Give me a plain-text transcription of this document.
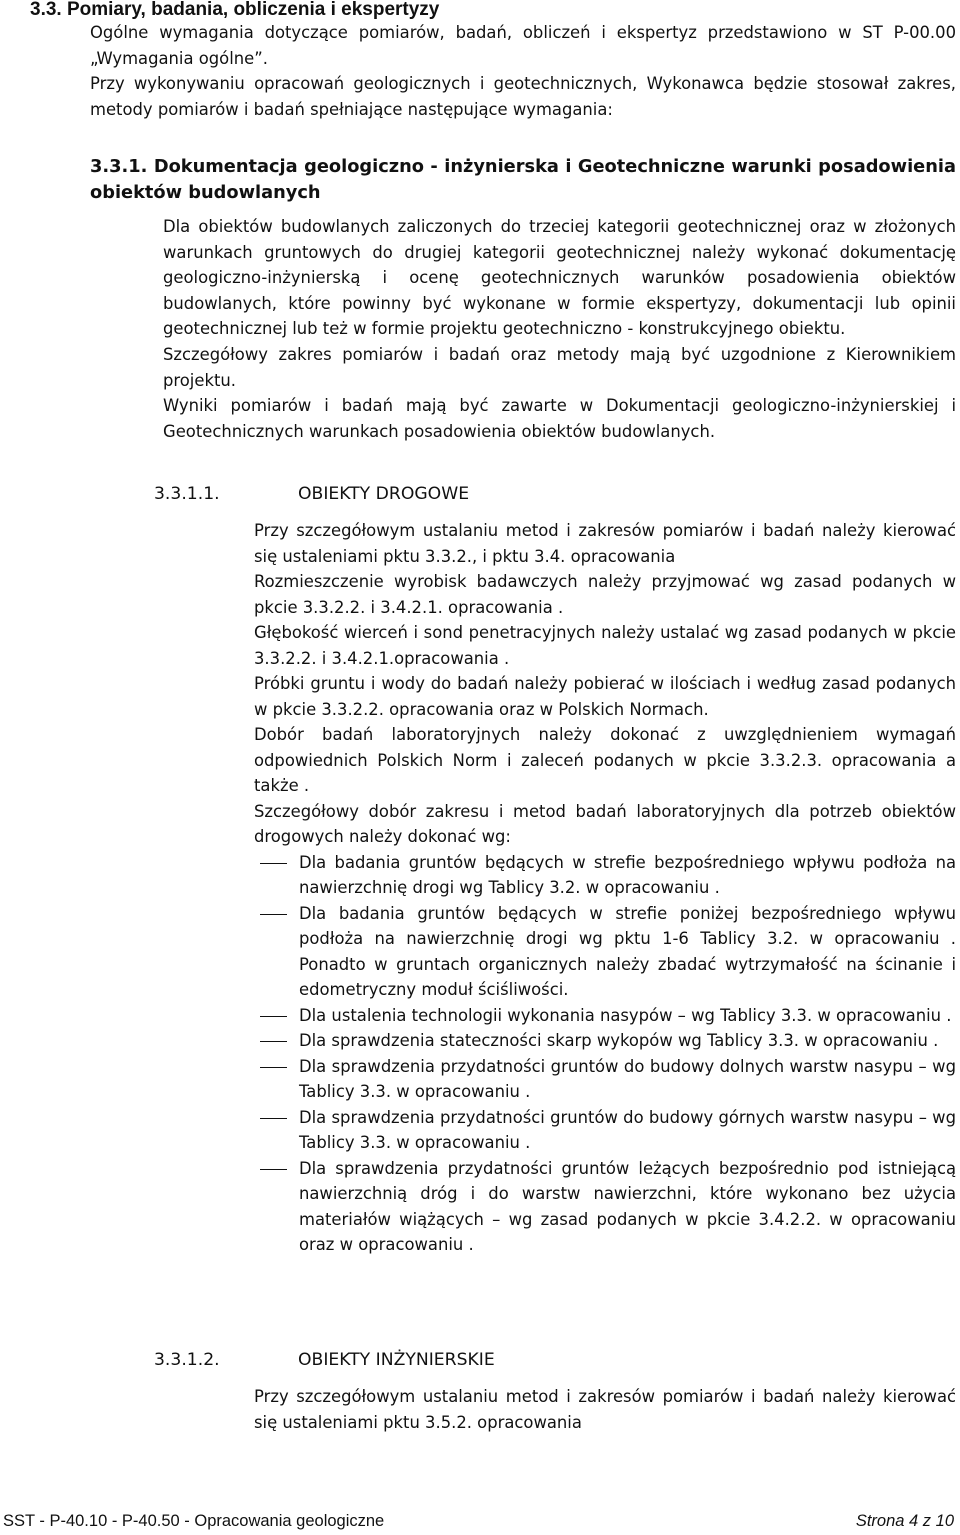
3.3. Pomiary, badania, obliczenia i ekspertyzy
Ogólne wymagania dotyczące pomiarów, badań, obliczeń i ekspertyz przedstawiono w ST P-00.00 „Wymagania ogólne”.
Przy wykonywaniu opracowań geologicznych i geotechnicznych, Wykonawca będzie stosował zakres, metody pomiarów i badań spełniające następujące wymagania:
3.3.1. Dokumentacja geologiczno - inżynierska i Geotechniczne warunki posadowienia obiektów budowlanych

Dla obiektów budowlanych zaliczonych do trzeciej kategorii geotechnicznej oraz w złożonych warunkach gruntowych do drugiej kategorii geotechnicznej należy wykonać dokumentację geologiczno-inżynierską i ocenę geotechnicznych warunków posadowienia obiektów budowlanych, które powinny być wykonane w formie ekspertyzy, dokumentacji lub opinii geotechnicznej lub też w formie projektu geotechniczno - konstrukcyjnego obiektu.

Szczegółowy zakres pomiarów i badań oraz metody mają być uzgodnione z Kierownikiem projektu.

Wyniki pomiarów i badań mają być zawarte w Dokumentacji geologiczno-inżynierskiej i Geotechnicznych warunkach posadowienia obiektów budowlanych.

3.3.1.1.	OBIEKTY DROGOWE

Przy szczegółowym ustalaniu metod i zakresów pomiarów i badań należy kierować się ustaleniami pktu 3.3.2., i pktu 3.4. opracowania

Rozmieszczenie wyrobisk badawczych należy przyjmować wg zasad podanych w pkcie 3.3.2.2. i 3.4.2.1. opracowania .

Głębokość wierceń i sond penetracyjnych należy ustalać wg zasad podanych w pkcie 3.3.2.2. i 3.4.2.1.opracowania .

Próbki gruntu i wody do badań należy pobierać w ilościach i według zasad podanych w pkcie 3.3.2.2. opracowania oraz w Polskich Normach.

Dobór badań laboratoryjnych należy dokonać z uwzględnieniem wymagań odpowiednich Polskich Norm i zaleceń podanych w pkcie 3.3.2.3. opracowania a także .

Szczegółowy dobór zakresu i metod badań laboratoryjnych dla potrzeb obiektów drogowych należy dokonać wg:

Dla badania gruntów będących w strefie bezpośredniego wpływu podłoża na nawierzchnię drogi wg Tablicy 3.2. w opracowaniu .
Dla badania gruntów będących w strefie poniżej bezpośredniego wpływu podłoża na nawierzchnię drogi wg pktu 1-6 Tablicy 3.2. w opracowaniu . Ponadto w gruntach organicznych należy zbadać wytrzymałość na ścinanie i edometryczny moduł ściśliwości.
Dla ustalenia technologii wykonania nasypów – wg Tablicy 3.3. w opracowaniu .
Dla sprawdzenia stateczności skarp wykopów wg Tablicy 3.3. w opracowaniu .
Dla sprawdzenia przydatności gruntów do budowy dolnych warstw nasypu – wg Tablicy 3.3. w opracowaniu .
Dla sprawdzenia przydatności gruntów do budowy górnych warstw nasypu – wg Tablicy 3.3. w opracowaniu .
Dla sprawdzenia przydatności gruntów leżących bezpośrednio pod istniejącą nawierzchnią dróg i do warstw nawierzchni, które wykonano bez użycia materiałów wiążących – wg zasad podanych w pkcie 3.4.2.2. w opracowaniu oraz w opracowaniu .
3.3.1.2.	OBIEKTY INŻYNIERSKIE

Przy szczegółowym ustalaniu metod i zakresów pomiarów i badań należy kierować się ustaleniami pktu 3.5.2. opracowania

SST - P-40.10 - P-40.50 - Opracowania geologiczne	Strona 4 z 10
